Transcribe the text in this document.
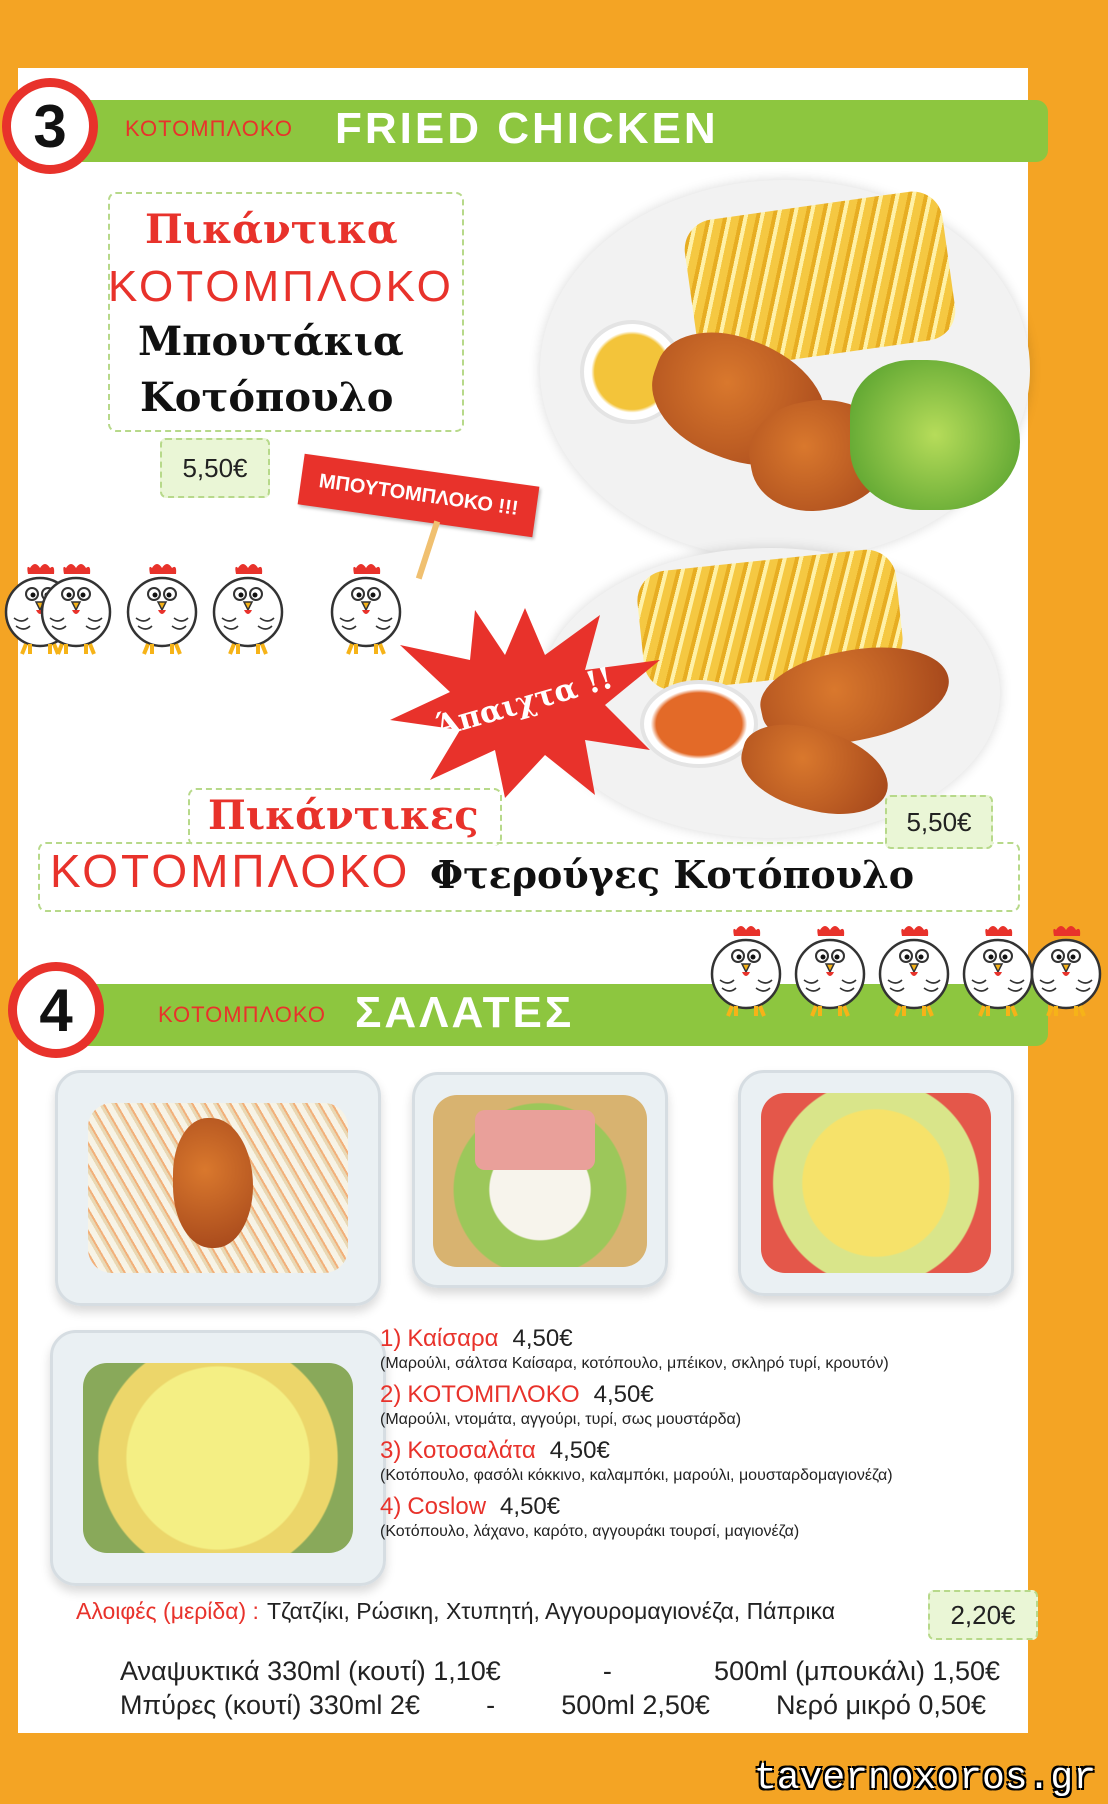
3	ΚΟΤΟΜΠΛΟΚΟ FRIED CHICKEN
Πικάντικα
ΚΟΤΟΜΠΛΟΚΟ
Μπουτάκια
Κοτόπουλο
5,50€
ΜΠΟΥΤΟΜΠΛΟΚΟ !!!
Άπαιχτα !!
Πικάντικες
ΚΟΤΟΜΠΛΟΚΟ Φτερούγες Κοτόπουλο
5,50€
4	ΚΟΤΟΜΠΛΟΚΟ ΣΑΛΑΤΕΣ
1) Καίσαρα 4,50€
(Μαρούλι, σάλτσα Καίσαρα, κοτόπουλο, μπέικον, σκληρό τυρί, κρουτόν)
2) ΚΟΤΟΜΠΛΟΚΟ 4,50€
(Μαρούλι, ντομάτα, αγγούρι, τυρί, σως μουστάρδα)
3) Κοτοσαλάτα 4,50€
(Κοτόπουλο, φασόλι κόκκινο, καλαμπόκι, μαρούλι, μουσταρδομαγιονέζα)
4) Coslow 4,50€
(Κοτόπουλο, λάχανο, καρότο, αγγουράκι τουρσί, μαγιονέζα)
Αλοιφές (μερίδα) : Τζατζίκι, Ρώσικη, Χτυπητή, Αγγουρομαγιονέζα, Πάπρικα	2,20€
Αναψυκτικά 330ml (κουτί) 1,10€	-	500ml (μπουκάλι) 1,50€
Μπύρες (κουτί) 330ml 2€ - 500ml 2,50€ Νερό μικρό 0,50€
tavernoxoros.gr
